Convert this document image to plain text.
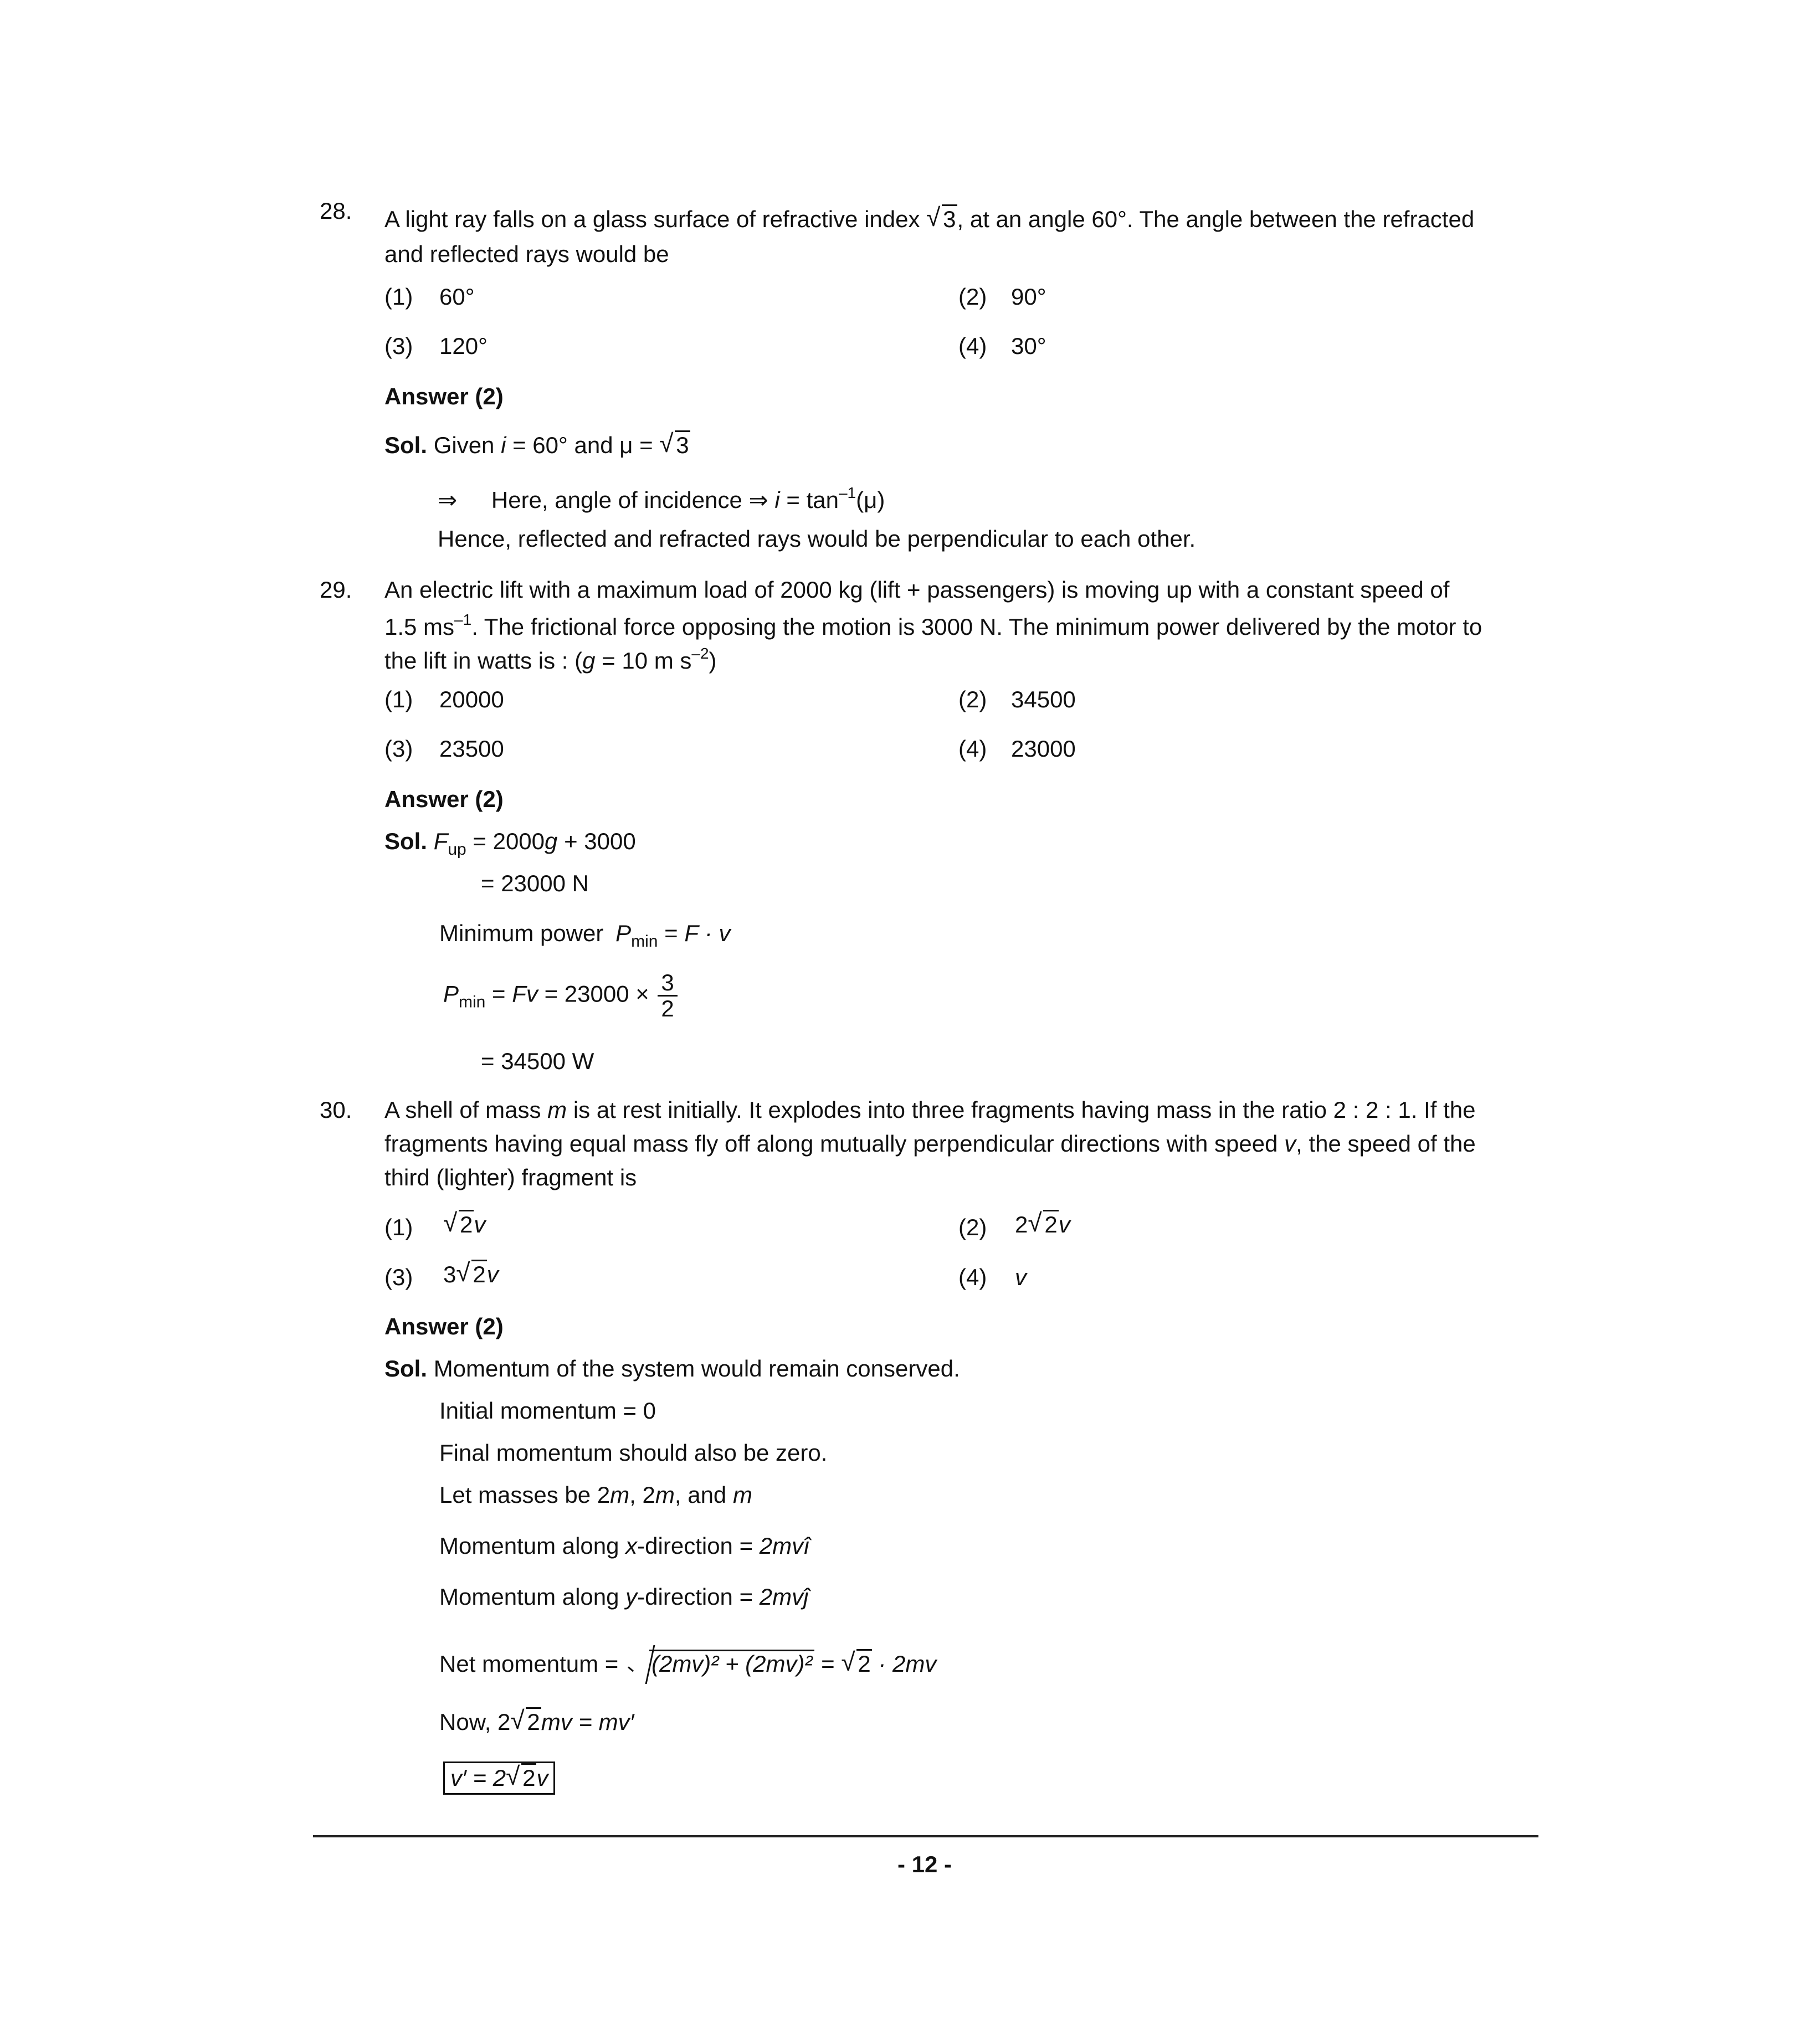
28. A light ray falls on a glass surface of refractive index √ 3, at an angle 60°. The angle between the refracted
and reflected rays would be
(1) 60°	(2) 90°
(3) 120°	(4) 30°
Answer (2)
Sol. Given i = 60° and μ = √ 3
⇒ Here, angle of incidence ⇒ $i = \tan^{-1}(\mu)$
Hence, reflected and refracted rays would be perpendicular to each other.
29. An electric lift with a maximum load of 2000 kg (lift + passengers) is moving up with a constant speed of
1.5 $ms^{-1}$. The frictional force opposing the motion is 3000 N. The minimum power delivered by the motor to
the lift in watts is : (g = 10 m $s^{-2}$)
(1) 20000	(2) 34500
(3) 23500	(4) 23000
Answer (2)
Sol. $F_{up} = 2000g + 3000$
= 23000 N
Minimum power $P_{min} = F \cdot v$
$P_{min} = Fv = 23000 \times \frac{3}{2}$
= 34500 W
30. A shell of mass m is at rest initially. It explodes into three fragments having mass in the ratio 2 : 2 : 1. If the
fragments having equal mass fly off along mutually perpendicular directions with speed v, the speed of the
third (lighter) fragment is
(1)	√ 2v	(2) 2 √ 2v
(3) 3 √ 2v	(4) v
Answer (2)
Sol. Momentum of the system would remain conserved.
Initial momentum = 0
Final momentum should also be zero.
Let masses be 2m, 2m, and m
Momentum along x-direction = 2mvî
Momentum along y-direction = 2mvĵ
Net momentum = (2mv)² + (2mv)² = √ 2 · 2mv
Now, 2 √ 2mv = mv′
v′ = 2 √ 2v
- 12 -
